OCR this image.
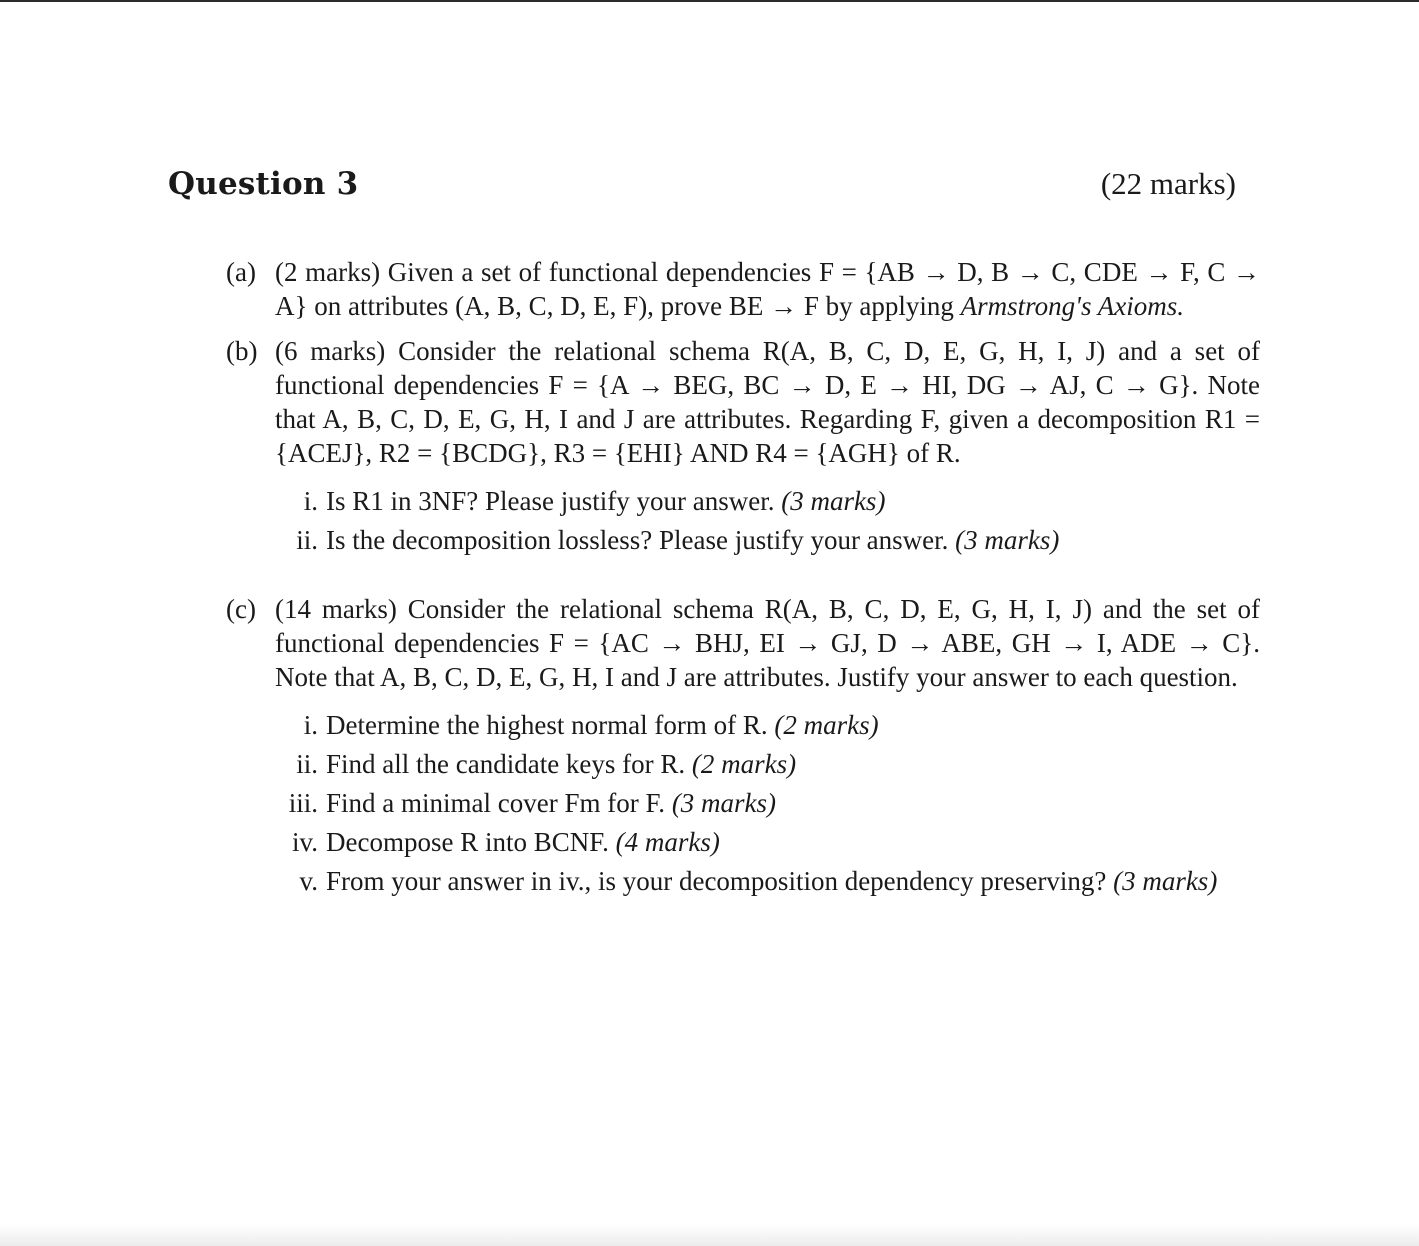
Question 3	(22 marks)
(a) (2 marks) Given a set of functional dependencies F = {AB → D, B → C, CDE → F, C → A} on attributes (A, B, C, D, E, F), prove BE → F by applying Armstrong's Axioms.
(b) (6 marks) Consider the relational schema R(A, B, C, D, E, G, H, I, J) and a set of functional dependencies F = {A → BEG, BC → D, E → HI, DG → AJ, C → G}. Note that A, B, C, D, E, G, H, I and J are attributes. Regarding F, given a decomposition R1 = {ACEJ}, R2 = {BCDG}, R3 = {EHI} AND R4 = {AGH} of R.
i. Is R1 in 3NF? Please justify your answer. (3 marks)
ii. Is the decomposition lossless? Please justify your answer. (3 marks)
(c) (14 marks) Consider the relational schema R(A, B, C, D, E, G, H, I, J) and the set of functional dependencies F = {AC → BHJ, EI → GJ, D → ABE, GH → I, ADE → C}. Note that A, B, C, D, E, G, H, I and J are attributes. Justify your answer to each question.
i. Determine the highest normal form of R. (2 marks)
ii. Find all the candidate keys for R. (2 marks)
iii. Find a minimal cover Fm for F. (3 marks)
iv. Decompose R into BCNF. (4 marks)
v. From your answer in iv., is your decomposition dependency preserving? (3 marks)
